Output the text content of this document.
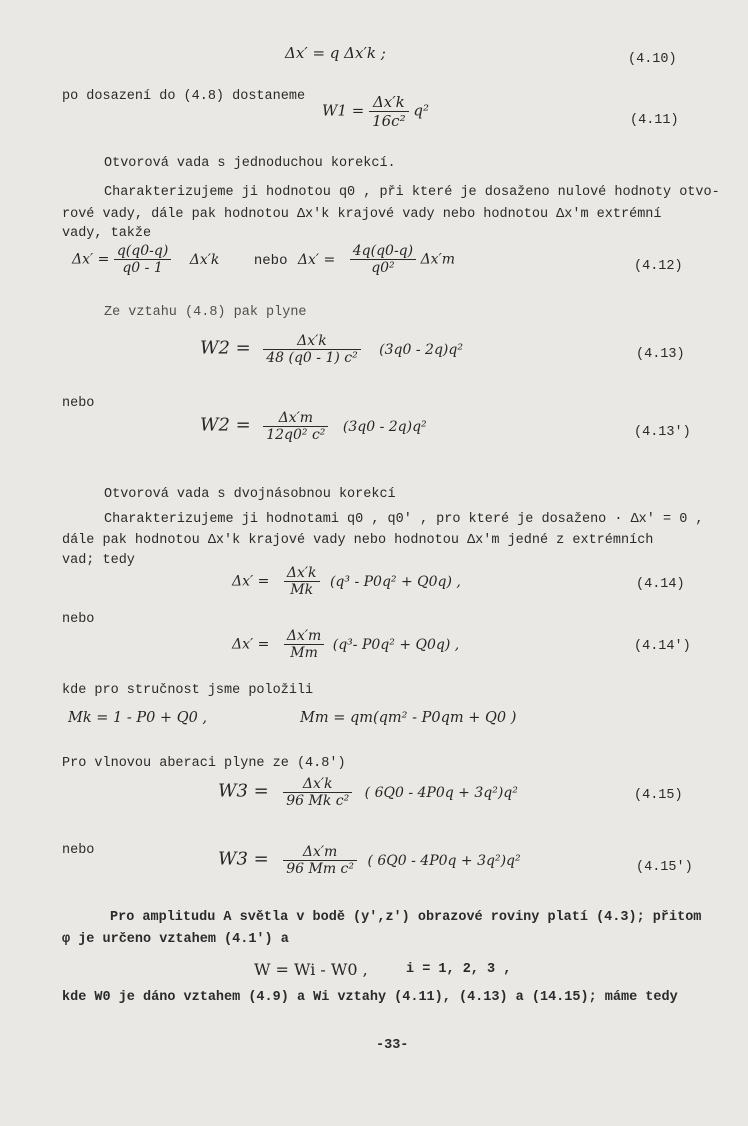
Δx′ = q Δx′k ;	(4.10)
po dosazení do (4.8) dostaneme
$W1 = \frac{\Delta x'k}{\text{16c²}} q^2$
(4.11)
Otvorová vada s jednoduchou korekcí.
Charakterizujeme ji hodnotou q0 , při které je dosaženo nulové hodnoty otvo-
rové vady, dále pak hodnotou Δx′k krajové vady nebo hodnotou Δx′m extrémní
vady, takže
$\Delta x' = \frac{q(q0-q)}{q0 - 1} \Delta x'k$ nebo $\Delta x' = \frac{4q(q0-q)}{\text{q0²}} \Delta x'm$	(4.12)
Ze vztahu (4.8) pak plyne
$W2 = \frac{\Delta x'k}{\text{48 (q0 - 1) c²}} (3q0 - 2q)q^2$	(4.13)
nebo
$W2 = \frac{\Delta x'm}{\text{12q0² c²}} (3q0 - 2q)q^2$	(4.13′)
Otvorová vada s dvojnásobnou korekcí
Charakterizujeme ji hodnotami q0 , q0′ , pro které je dosaženo · Δx′ = 0 ,
dále pak hodnotou Δx′k krajové vady nebo hodnotou Δx′m jedné z extrémních
vad; tedy
$\Delta x' = \frac{\Delta x'k}{Mk} (q^3 - P0q^2 + Q0q)$ ,	(4.14)
nebo
$\Delta x' = \frac{\Delta x'm}{Mm} (q^3-$ P0q² + Q0q) ,	(4.14′)
kde pro stručnost jsme položili
Mk = 1 - P0 + Q0 ,	Mm = qm(qm² - P0qm + Q0 )
Pro vlnovou aberaci plyne ze (4.8′)
$W3 = \frac{\Delta x'k}{\text{96 Mk c²}}$ ( 6Q0 - 4P0q + 3q²)q²	(4.15)
nebo	$W3 = \frac{\Delta x'm}{\text{96 Mm c²}}$ ( 6Q0 - 4P0q + 3q²)q²	(4.15′)
Pro amplitudu A světla v bodě (y′,z′) obrazové roviny platí (4.3); přitom
φ je určeno vztahem (4.1′) a
W = Wi - W0 ,	i = 1, 2, 3 ,
kde W0 je dáno vztahem (4.9) a Wi vztahy (4.11), (4.13) a (14.15); máme tedy
-33-
